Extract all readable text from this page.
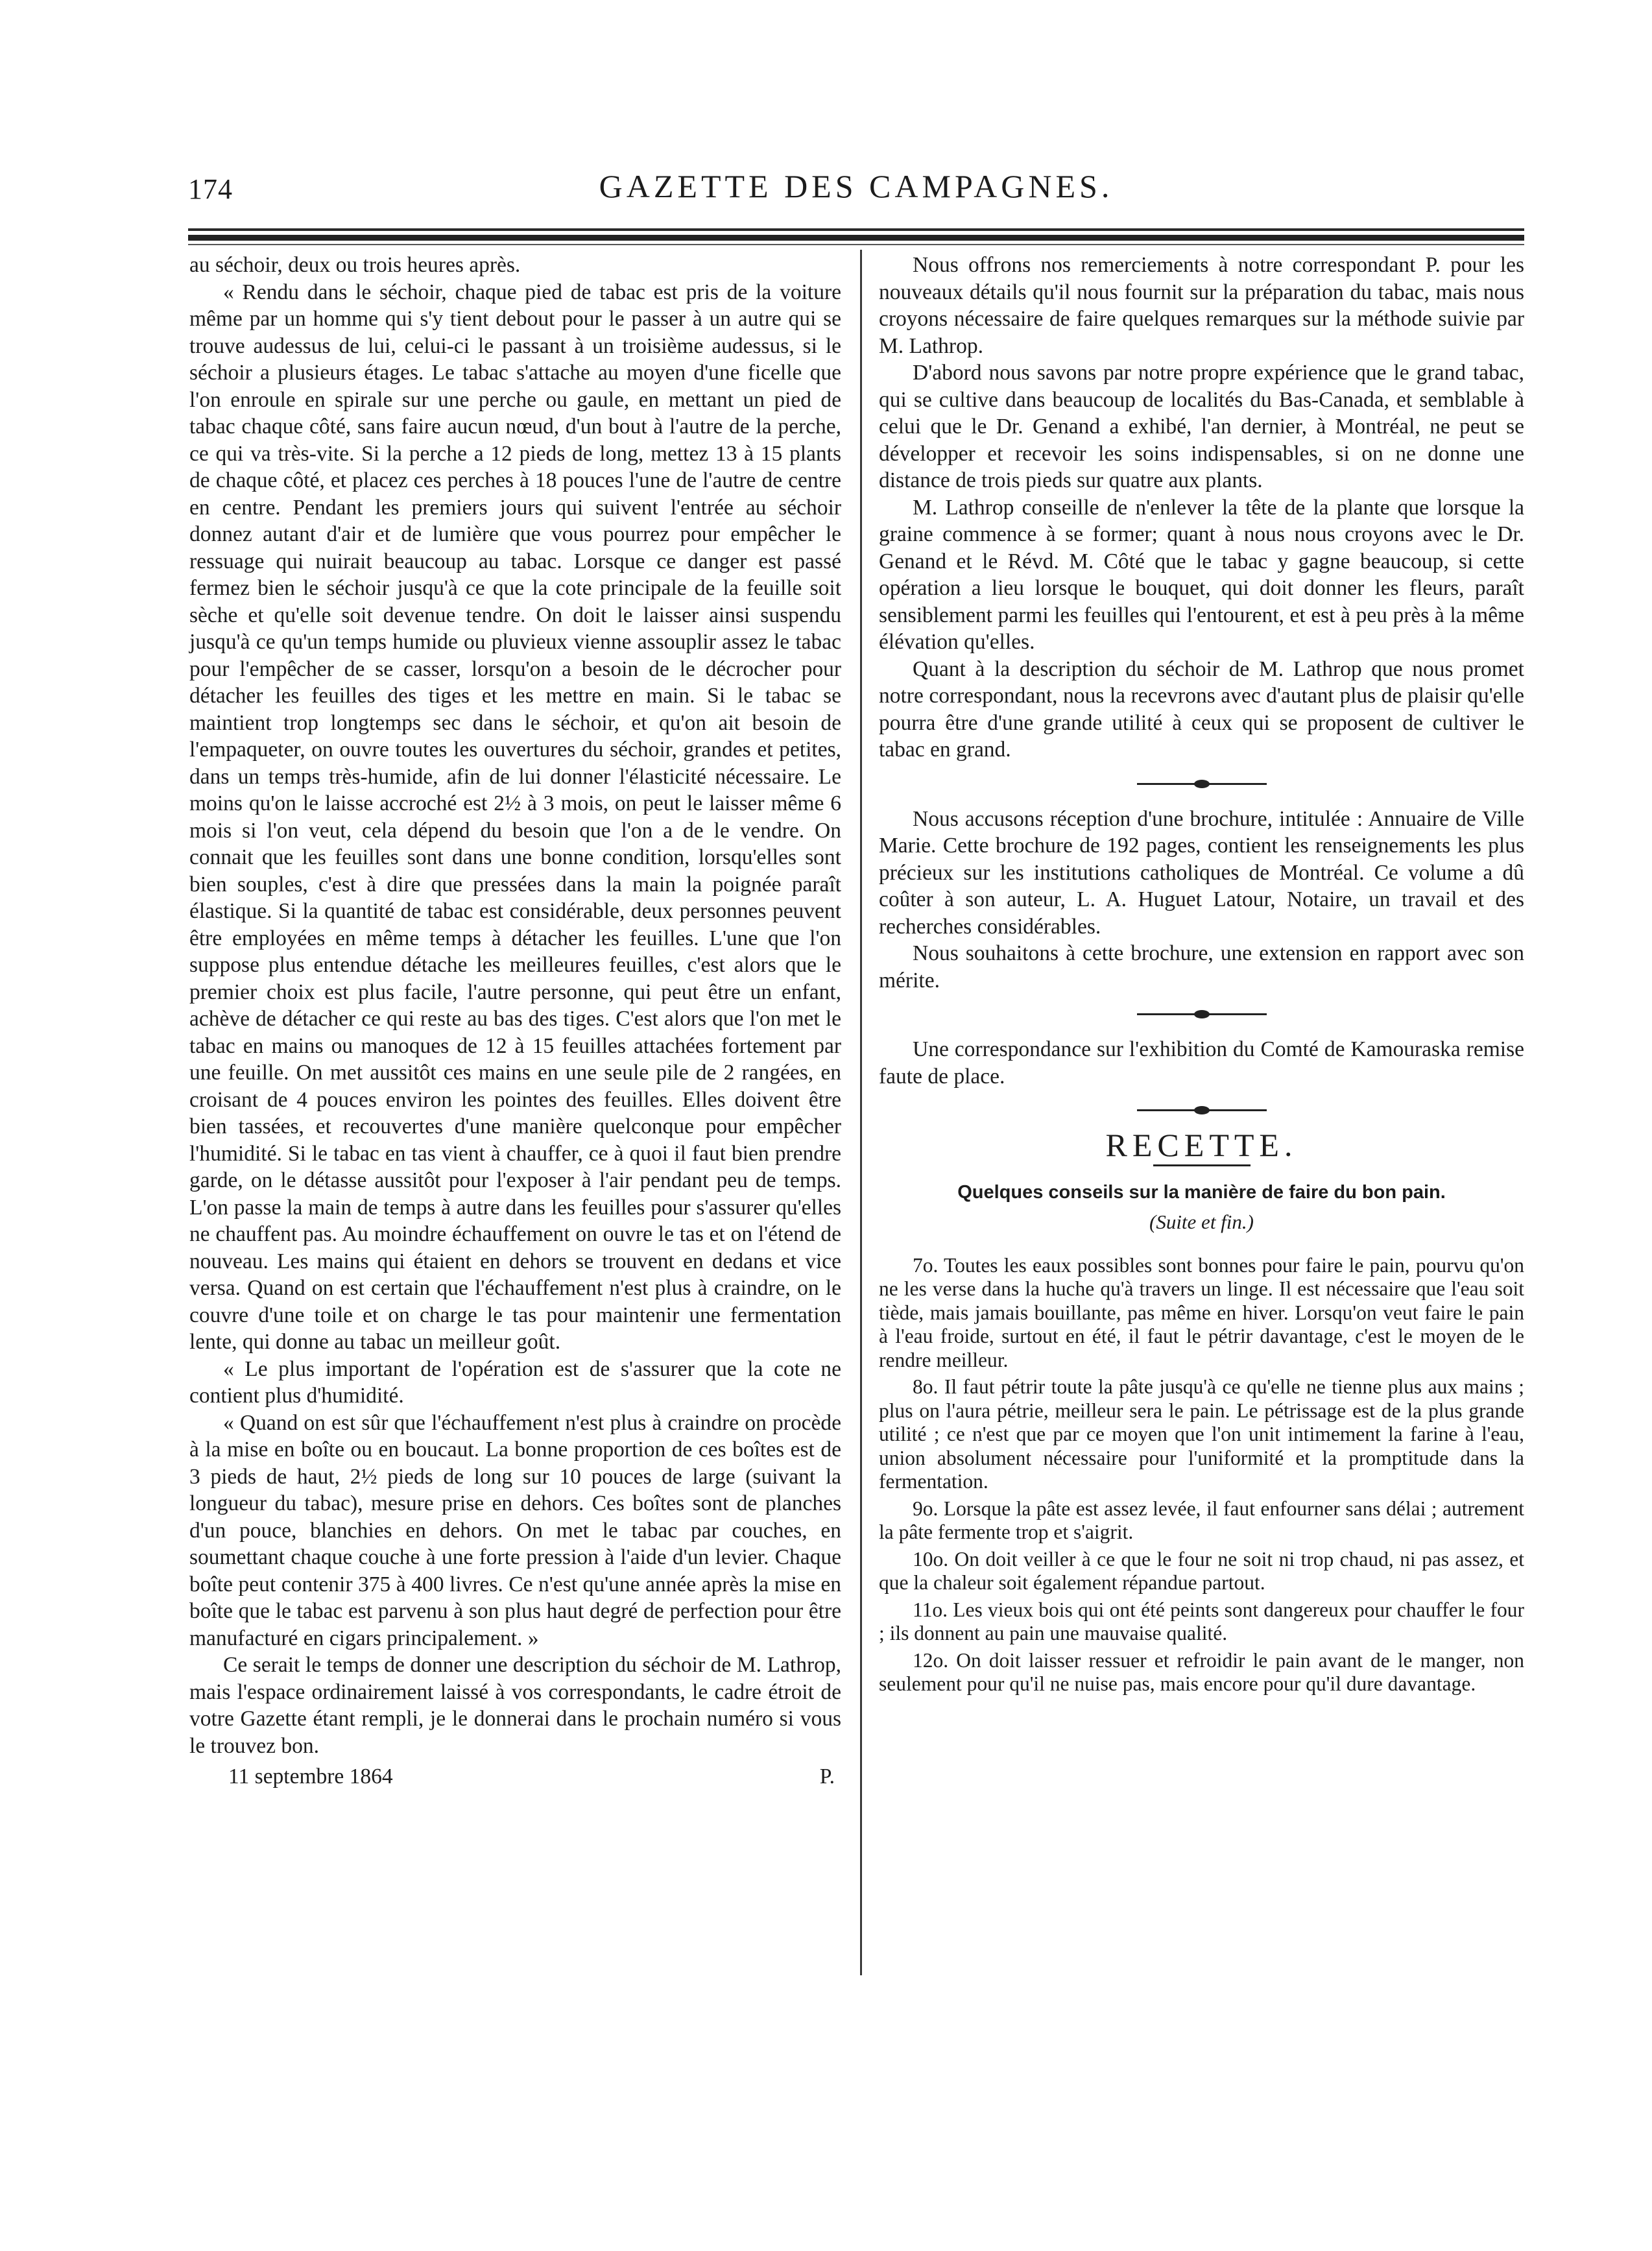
174	GAZETTE DES CAMPAGNES.

au séchoir, deux ou trois heures après.

« Rendu dans le séchoir, chaque pied de tabac est pris de la voiture même par un homme qui s'y tient debout pour le passer à un autre qui se trouve audessus de lui, celui-ci le passant à un troisième audessus, si le séchoir a plusieurs étages. Le tabac s'attache au moyen d'une ficelle que l'on enroule en spirale sur une perche ou gaule, en mettant un pied de tabac chaque côté, sans faire aucun nœud, d'un bout à l'autre de la perche, ce qui va très-vite. Si la perche a 12 pieds de long, mettez 13 à 15 plants de chaque côté, et placez ces perches à 18 pouces l'une de l'autre de centre en centre. Pendant les premiers jours qui suivent l'entrée au séchoir donnez autant d'air et de lumière que vous pourrez pour empêcher le ressuage qui nuirait beaucoup au tabac. Lorsque ce danger est passé fermez bien le séchoir jusqu'à ce que la cote principale de la feuille soit sèche et qu'elle soit devenue tendre. On doit le laisser ainsi suspendu jusqu'à ce qu'un temps humide ou pluvieux vienne assouplir assez le tabac pour l'empêcher de se casser, lorsqu'on a besoin de le décrocher pour détacher les feuilles des tiges et les mettre en main. Si le tabac se maintient trop longtemps sec dans le séchoir, et qu'on ait besoin de l'empaqueter, on ouvre toutes les ouvertures du séchoir, grandes et petites, dans un temps très-humide, afin de lui donner l'élasticité nécessaire. Le moins qu'on le laisse accroché est 2½ à 3 mois, on peut le laisser même 6 mois si l'on veut, cela dépend du besoin que l'on a de le vendre. On connait que les feuilles sont dans une bonne condition, lorsqu'elles sont bien souples, c'est à dire que pressées dans la main la poignée paraît élastique. Si la quantité de tabac est considérable, deux personnes peuvent être employées en même temps à détacher les feuilles. L'une que l'on suppose plus entendue détache les meilleures feuilles, c'est alors que le premier choix est plus facile, l'autre personne, qui peut être un enfant, achève de détacher ce qui reste au bas des tiges. C'est alors que l'on met le tabac en mains ou manoques de 12 à 15 feuilles attachées fortement par une feuille. On met aussitôt ces mains en une seule pile de 2 rangées, en croisant de 4 pouces environ les pointes des feuilles. Elles doivent être bien tassées, et recouvertes d'une manière quelconque pour empêcher l'humidité. Si le tabac en tas vient à chauffer, ce à quoi il faut bien prendre garde, on le détasse aussitôt pour l'exposer à l'air pendant peu de temps. L'on passe la main de temps à autre dans les feuilles pour s'assurer qu'elles ne chauffent pas. Au moindre échauffement on ouvre le tas et on l'étend de nouveau. Les mains qui étaient en dehors se trouvent en dedans et vice versa. Quand on est certain que l'échauffement n'est plus à craindre, on le couvre d'une toile et on charge le tas pour maintenir une fermentation lente, qui donne au tabac un meilleur goût.

« Le plus important de l'opération est de s'assurer que la cote ne contient plus d'humidité.

« Quand on est sûr que l'échauffement n'est plus à craindre on procède à la mise en boîte ou en boucaut. La bonne proportion de ces boîtes est de 3 pieds de haut, 2½ pieds de long sur 10 pouces de large (suivant la longueur du tabac), mesure prise en dehors. Ces boîtes sont de planches d'un pouce, blanchies en dehors. On met le tabac par couches, en soumettant chaque couche à une forte pression à l'aide d'un levier. Chaque boîte peut contenir 375 à 400 livres. Ce n'est qu'une année après la mise en boîte que le tabac est parvenu à son plus haut degré de perfection pour être manufacturé en cigars principalement. »

Ce serait le temps de donner une description du séchoir de M. Lathrop, mais l'espace ordinairement laissé à vos correspondants, le cadre étroit de votre Gazette étant rempli, je le donnerai dans le prochain numéro si vous le trouvez bon.

11 septembre 1864	P.

Nous offrons nos remerciements à notre correspondant P. pour les nouveaux détails qu'il nous fournit sur la préparation du tabac, mais nous croyons nécessaire de faire quelques remarques sur la méthode suivie par M. Lathrop.

D'abord nous savons par notre propre expérience que le grand tabac, qui se cultive dans beaucoup de localités du Bas-Canada, et semblable à celui que le Dr. Genand a exhibé, l'an dernier, à Montréal, ne peut se développer et recevoir les soins indispensables, si on ne donne une distance de trois pieds sur quatre aux plants.

M. Lathrop conseille de n'enlever la tête de la plante que lorsque la graine commence à se former; quant à nous nous croyons avec le Dr. Genand et le Révd. M. Côté que le tabac y gagne beaucoup, si cette opération a lieu lorsque le bouquet, qui doit donner les fleurs, paraît sensiblement parmi les feuilles qui l'entourent, et est à peu près à la même élévation qu'elles.

Quant à la description du séchoir de M. Lathrop que nous promet notre correspondant, nous la recevrons avec d'autant plus de plaisir qu'elle pourra être d'une grande utilité à ceux qui se proposent de cultiver le tabac en grand.

Nous accusons réception d'une brochure, intitulée : Annuaire de Ville Marie. Cette brochure de 192 pages, contient les renseignements les plus précieux sur les institutions catholiques de Montréal. Ce volume a dû coûter à son auteur, L. A. Huguet Latour, Notaire, un travail et des recherches considérables.

Nous souhaitons à cette brochure, une extension en rapport avec son mérite.

Une correspondance sur l'exhibition du Comté de Kamouraska remise faute de place.

RECETTE.
Quelques conseils sur la manière de faire du bon pain.
(Suite et fin.)

7o. Toutes les eaux possibles sont bonnes pour faire le pain, pourvu qu'on ne les verse dans la huche qu'à travers un linge. Il est nécessaire que l'eau soit tiède, mais jamais bouillante, pas même en hiver. Lorsqu'on veut faire le pain à l'eau froide, surtout en été, il faut le pétrir davantage, c'est le moyen de le rendre meilleur.

8o. Il faut pétrir toute la pâte jusqu'à ce qu'elle ne tienne plus aux mains ; plus on l'aura pétrie, meilleur sera le pain. Le pétrissage est de la plus grande utilité ; ce n'est que par ce moyen que l'on unit intimement la farine à l'eau, union absolument nécessaire pour l'uniformité et la promptitude dans la fermentation.

9o. Lorsque la pâte est assez levée, il faut enfourner sans délai ; autrement la pâte fermente trop et s'aigrit.

10o. On doit veiller à ce que le four ne soit ni trop chaud, ni pas assez, et que la chaleur soit également répandue partout.

11o. Les vieux bois qui ont été peints sont dangereux pour chauffer le four ; ils donnent au pain une mauvaise qualité.

12o. On doit laisser ressuer et refroidir le pain avant de le manger, non seulement pour qu'il ne nuise pas, mais encore pour qu'il dure davantage.
